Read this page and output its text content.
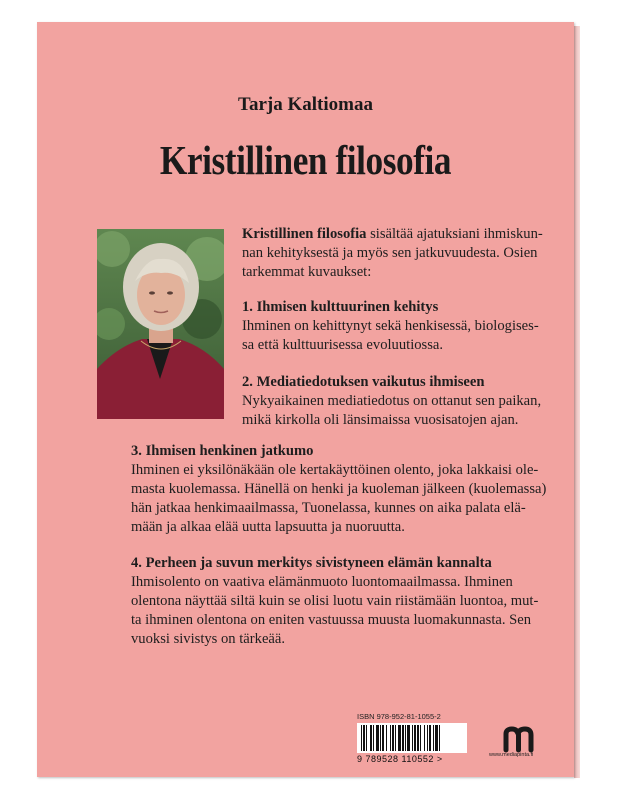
Tarja Kaltiomaa
Kristillinen filosofia
Kristillinen filosofia sisältää ajatuksiani ihmiskun-
nan kehityksestä ja myös sen jatkuvuudesta. Osien
tarkemmat kuvaukset:
1. Ihmisen kulttuurinen kehitys
Ihminen on kehittynyt sekä henkisessä, biologises-
sa että kulttuurisessa evoluutiossa.
2. Mediatiedotuksen vaikutus ihmiseen
Nykyaikainen mediatiedotus on ottanut sen paikan,
mikä kirkolla oli länsimaissa vuosisatojen ajan.
3. Ihmisen henkinen jatkumo
Ihminen ei yksilönäkään ole kertakäyttöinen olento, joka lakkaisi ole-
masta kuolemassa. Hänellä on henki ja kuoleman jälkeen (kuolemassa)
hän jatkaa henkimaailmassa, Tuonelassa, kunnes on aika palata elä-
mään ja alkaa elää uutta lapsuutta ja nuoruutta.
4. Perheen ja suvun merkitys sivistyneen elämän kannalta
Ihmisolento on vaativa elämänmuoto luontomaailmassa. Ihminen
olentona näyttää siltä kuin se olisi luotu vain riistämään luontoa, mut-
ta ihminen olentona on eniten vastuussa muusta luomakunnasta. Sen
vuoksi sivistys on tärkeää.
ISBN 978-952-81-1055-2
9 789528 110552 >	www.mediapinta.fi
